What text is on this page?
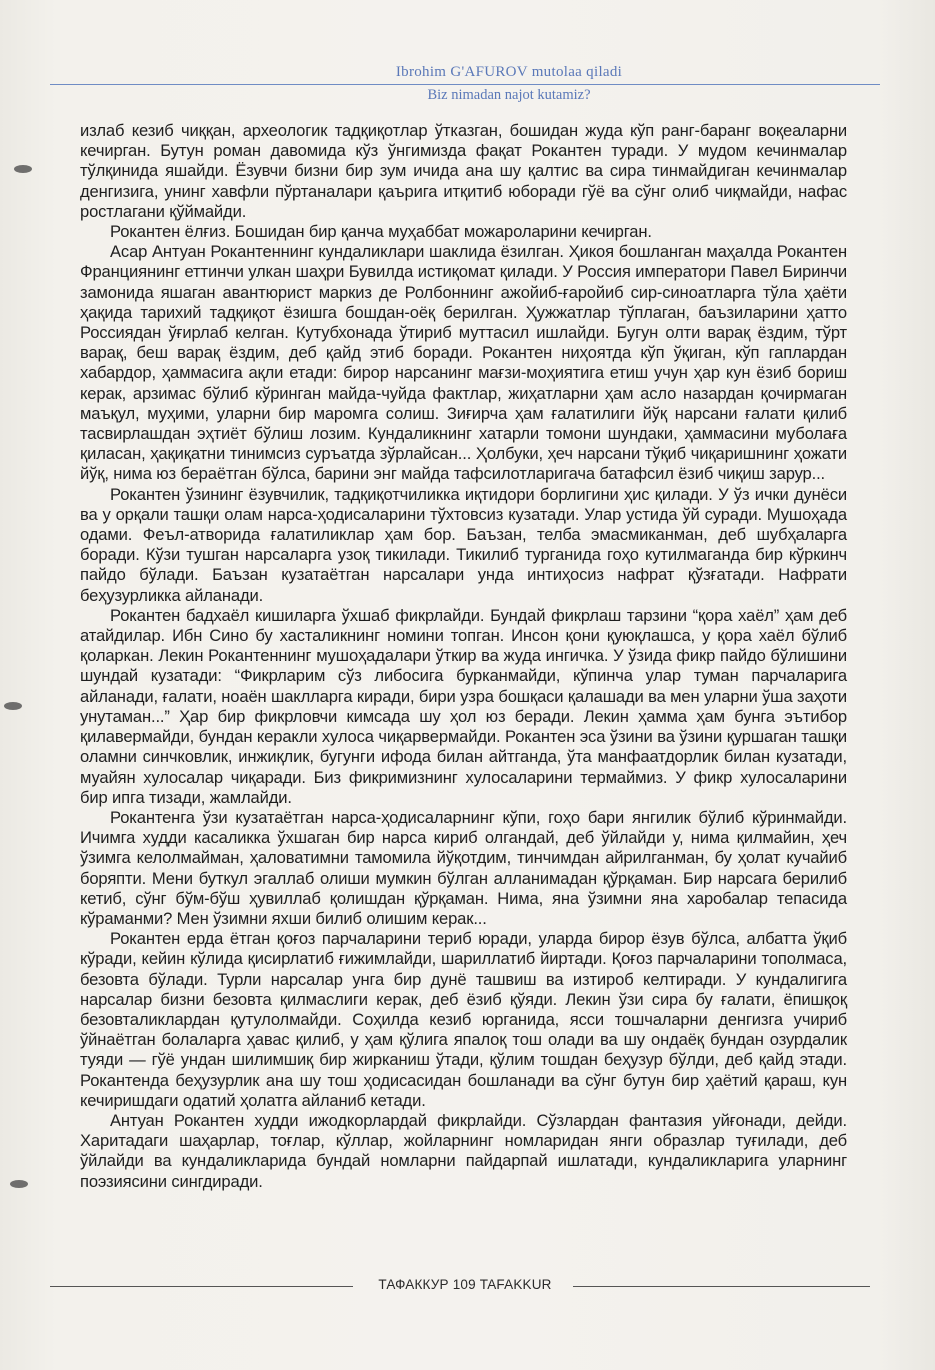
Ibrohim G'AFUROV mutolaa qiladi
Biz nimadan najot kutamiz?

излаб кезиб чиққан, археологик тадқиқотлар ўтказган, бошидан жуда кўп ранг-баранг воқеаларни кечирган. Бутун роман давомида кўз ўнгимизда фақат Рокантен туради. У мудом кечинмалар тўлқинида яшайди. Ёзувчи бизни бир зум ичида ана шу қалтис ва сира тинмайдиган кечинмалар денгизига, унинг хавфли пўртаналари қаърига итқитиб юборади гўё ва сўнг олиб чиқмайди, нафас ростлагани қўймайди.

Рокантен ёлғиз. Бошидан бир қанча муҳаббат можароларини кечирган.

Асар Антуан Рокантеннинг кундаликлари шаклида ёзилган. Ҳикоя бошланган маҳалда Рокантен Франциянинг еттинчи улкан шаҳри Бувилда истиқомат қилади. У Россия императори Павел Биринчи замонида яшаган авантюрист маркиз де Ролбоннинг ажойиб-ғаройиб сир-синоатларга тўла ҳаёти ҳақида тарихий тадқиқот ёзишга бошдан-оёқ берилган. Ҳужжатлар тўплаган, баъзиларини ҳатто Россиядан ўғирлаб келган. Кутубхонада ўтириб муттасил ишлайди. Бугун олти варақ ёздим, тўрт варақ, беш варақ ёздим, деб қайд этиб боради. Рокантен ниҳоятда кўп ўқиган, кўп гаплардан хабардор, ҳаммасига ақли етади: бирор нарсанинг мағзи-моҳиятига етиш учун ҳар кун ёзиб бориш керак, арзимас бўлиб кўринган майда-чуйда фактлар, жиҳатларни ҳам асло назардан қочирмаган маъқул, муҳими, уларни бир маромга солиш. Зиғирча ҳам ғалатилиги йўқ нарсани ғалати қилиб тасвирлашдан эҳтиёт бўлиш лозим. Кундаликнинг хатарли томони шундаки, ҳаммасини муболаға қиласан, ҳақиқатни тинимсиз суръатда зўрлайсан... Ҳолбуки, ҳеч нарсани тўқиб чиқаришнинг ҳожати йўқ, нима юз бераётган бўлса, барини энг майда тафсилотларигача батафсил ёзиб чиқиш зарур...

Рокантен ўзининг ёзувчилик, тадқиқотчиликка иқтидори борлигини ҳис қилади. У ўз ички дунёси ва у орқали ташқи олам нарса-ҳодисаларини тўхтовсиз кузатади. Улар устида ўй суради. Мушоҳада одами. Феъл-атворида ғалатиликлар ҳам бор. Баъзан, телба эмасмиканман, деб шубҳаларга боради. Кўзи тушган нарсаларга узоқ тикилади. Тикилиб турганида гоҳо кутилмаганда бир кўркинч пайдо бўлади. Баъзан кузатаётган нарсалари унда интиҳосиз нафрат қўзғатади. Нафрати беҳузурликка айланади.

Рокантен бадхаёл кишиларга ўхшаб фикрлайди. Бундай фикрлаш тарзини “қора хаёл” ҳам деб атайдилар. Ибн Сино бу хасталикнинг номини топган. Инсон қони қуюқлашса, у қора хаёл бўлиб қоларкан. Лекин Рокантеннинг мушоҳадалари ўткир ва жуда ингичка. У ўзида фикр пайдо бўлишини шундай кузатади: “Фикрларим сўз либосига бурканмайди, кўпинча улар туман парчаларига айланади, ғалати, ноаён шаклларга киради, бири узра бошқаси қалашади ва мен уларни ўша заҳоти унутаман...” Ҳар бир фикрловчи кимсада шу ҳол юз беради. Лекин ҳамма ҳам бунга эътибор қилавермайди, бундан керакли хулоса чиқарвермайди. Рокантен эса ўзини ва ўзини қуршаган ташқи оламни синчковлик, инжиқлик, бугунги ифода билан айтганда, ўта манфаатдорлик билан кузатади, муайян хулосалар чиқаради. Биз фикримизнинг хулосаларини термаймиз. У фикр хулосаларини бир ипга тизади, жамлайди.

Рокантенга ўзи кузатаётган нарса-ҳодисаларнинг кўпи, гоҳо бари янгилик бўлиб кўринмайди. Ичимга худди касаликка ўхшаган бир нарса кириб олгандай, деб ўйлайди у, нима қилмайин, ҳеч ўзимга келолмайман, ҳаловатимни тамомила йўқотдим, тинчимдан айрилганман, бу ҳолат кучайиб боряпти. Мени буткул эгаллаб олиши мумкин бўлган алланимадан қўрқаман. Бир нарсага берилиб кетиб, сўнг бўм-бўш ҳувиллаб қолишдан қўрқаман. Нима, яна ўзимни яна харобалар тепасида кўраманми? Мен ўзимни яхши билиб олишим керак...

Рокантен ерда ётган қоғоз парчаларини териб юради, уларда бирор ёзув бўлса, албатта ўқиб кўради, кейин кўлида қисирлатиб ғижимлайди, шариллатиб йиртади. Қоғоз парчаларини тополмаса, безовта бўлади. Турли нарсалар унга бир дунё ташвиш ва изтироб келтиради. У кундалигига нарсалар бизни безовта қилмаслиги керак, деб ёзиб қўяди. Лекин ўзи сира бу ғалати, ёпишқоқ безовталиклардан қутулолмайди. Соҳилда кезиб юрганида, ясси тошчаларни денгизга учириб ўйнаётган болаларга ҳавас қилиб, у ҳам қўлига япалоқ тош олади ва шу ондаёқ бундан озурдалик туяди — гўё ундан шилимшиқ бир жирканиш ўтади, қўлим тошдан беҳузур бўлди, деб қайд этади. Рокантенда беҳузурлик ана шу тош ҳодисасидан бошланади ва сўнг бутун бир ҳаётий қараш, кун кечиришдаги одатий ҳолатга айланиб кетади.

Антуан Рокантен худди ижодкорлардай фикрлайди. Сўзлардан фантазия уйғонади, дейди. Харитадаги шаҳарлар, тоғлар, кўллар, жойларнинг номларидан янги образлар туғилади, деб ўйлайди ва кундаликларида бундай номларни пайдарпай ишлатади, кундаликларига уларнинг поэзиясини сингдиради.

ТАФАККУР 109 TAFAKKUR
